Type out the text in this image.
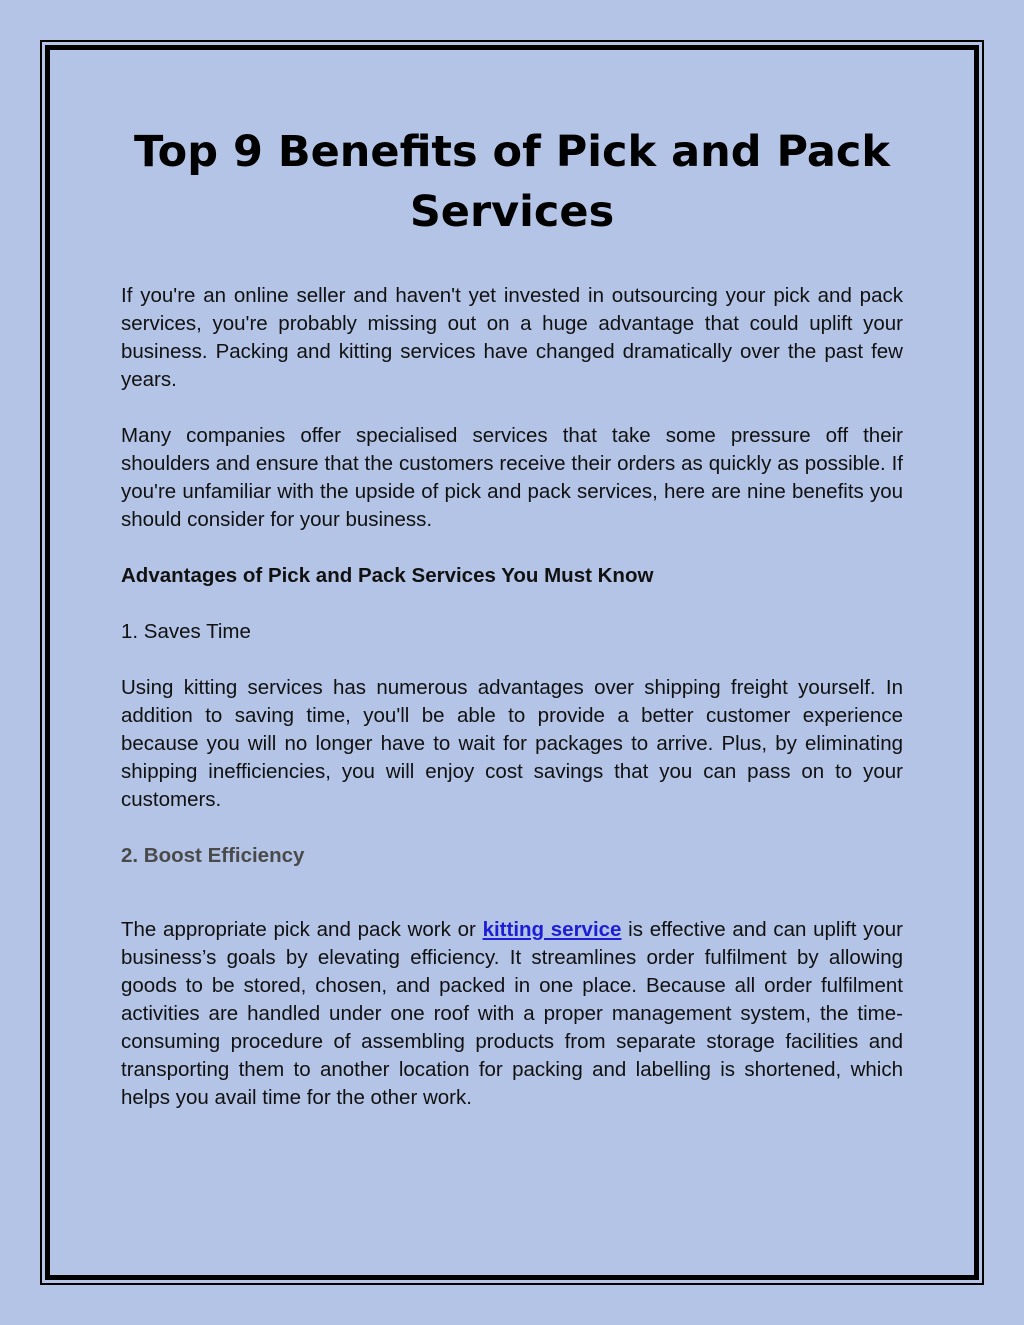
Top 9 Benefits of Pick and Pack Services

If you're an online seller and haven't yet invested in outsourcing your pick and pack services, you're probably missing out on a huge advantage that could uplift your business. Packing and kitting services have changed dramatically over the past few years.

Many companies offer specialised services that take some pressure off their shoulders and ensure that the customers receive their orders as quickly as possible. If you're unfamiliar with the upside of pick and pack services, here are nine benefits you should consider for your business.

Advantages of Pick and Pack Services You Must Know

1. Saves Time

Using kitting services has numerous advantages over shipping freight yourself. In addition to saving time, you'll be able to provide a better customer experience because you will no longer have to wait for packages to arrive. Plus, by eliminating shipping inefficiencies, you will enjoy cost savings that you can pass on to your customers.

2. Boost Efficiency

The appropriate pick and pack work or kitting service is effective and can uplift your business’s goals by elevating efficiency. It streamlines order fulfilment by allowing goods to be stored, chosen, and packed in one place. Because all order fulfilment activities are handled under one roof with a proper management system, the time-consuming procedure of assembling products from separate storage facilities and transporting them to another location for packing and labelling is shortened, which helps you avail time for the other work.
